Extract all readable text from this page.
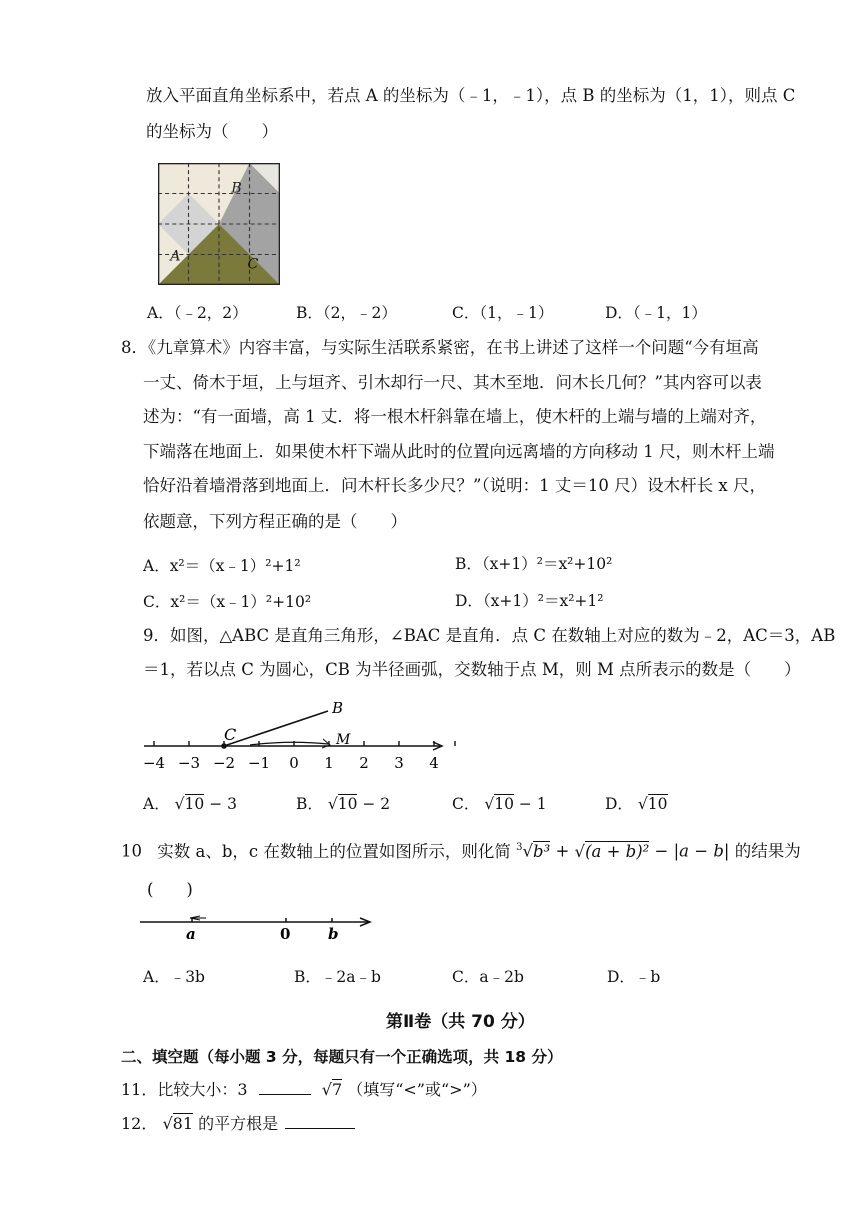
放入平面直角坐标系中，若点 A 的坐标为（﹣1，﹣1），点 B 的坐标为（1，1），则点 C
的坐标为（　　）
B
A
C
A．（﹣2，2）	B．（2，﹣2）	C．（1，﹣1）	D．（﹣1，1）
8．《九章算术》内容丰富，与实际生活联系紧密，在书上讲述了这样一个问题“今有垣高
一丈、倚木于垣，上与垣齐、引木却行一尺、其木至地．问木长几何？”其内容可以表
述为：“有一面墙，高 1 丈．将一根木杆斜靠在墙上，使木杆的上端与墙的上端对齐，
下端落在地面上．如果使木杆下端从此时的位置向远离墙的方向移动 1 尺，则木杆上端
恰好沿着墙滑落到地面上．问木杆长多少尺？”（说明：1 丈＝10 尺）设木杆长 x 尺，
依题意，下列方程正确的是（　　）
A．x²＝（x﹣1）²+1²	B．（x+1）²＝x²+10²
C．x²＝（x﹣1）²+10²	D．（x+1）²＝x²+1²
9．如图，△ABC 是直角三角形，∠BAC 是直角．点 C 在数轴上对应的数为﹣2，AC＝3，AB
＝1，若以点 C 为圆心，CB 为半径画弧，交数轴于点 M，则 M 点所表示的数是（　　）
C
B
M
−4 −3 −2 −1 0 1 2 3 4
A． √10 − 3	B． √10 − 2	C． √10 − 1	D． √10
10 实数 a、b，c 在数轴上的位置如图所示，则化简 $^3$√b³ + √(a + b)² − |a − b| 的结果为
(　　)
a	0	b
A．﹣3b	B．﹣2a﹣b	C．a﹣2b	D．﹣b
第Ⅱ卷（共 70 分）
二、填空题（每小题 3 分，每题只有一个正确选项，共 18 分）
11．比较大小：3	√7 （填写“<”或“>”）
12． √81 的平方根是
